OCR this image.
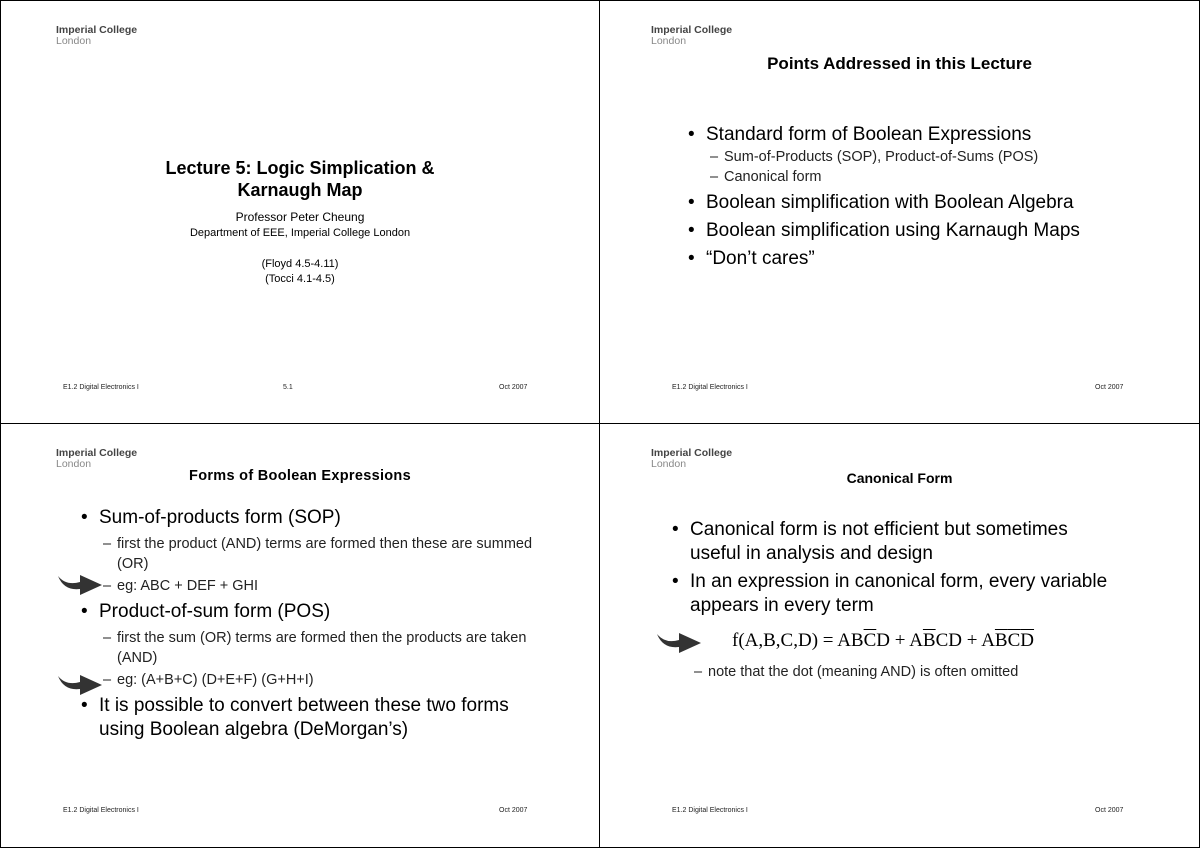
Imperial College
London
Lecture 5: Logic Simplication &
Karnaugh Map
Professor Peter Cheung
Department of EEE, Imperial College London
(Floyd 4.5-4.11)
(Tocci 4.1-4.5)
E1.2 Digital Electronics I	5.1	Oct 2007
Imperial College
London
Points Addressed in this Lecture
• Standard form of Boolean Expressions
– Sum-of-Products (SOP), Product-of-Sums (POS)
– Canonical form
• Boolean simplification with Boolean Algebra
• Boolean simplification using Karnaugh Maps
• “Don’t cares”
E1.2 Digital Electronics I	Oct 2007
Imperial College
London
Forms of Boolean Expressions
• Sum-of-products form (SOP)
– first the product (AND) terms are formed then these are summed (OR)
– eg: ABC + DEF + GHI
• Product-of-sum form (POS)
– first the sum (OR) terms are formed then the products are taken (AND)
– eg: (A+B+C) (D+E+F) (G+H+I)
• It is possible to convert between these two forms using Boolean algebra (DeMorgan’s)
E1.2 Digital Electronics I	Oct 2007
Imperial College
London
Canonical Form
• Canonical form is not efficient but sometimes useful in analysis and design
• In an expression in canonical form, every variable appears in every term
$f(A,B,C,D) = AB\overline{C}D + A\overline{B}CD + A\overline{B}\overline{C}\overline{D}$
– note that the dot (meaning AND) is often omitted
E1.2 Digital Electronics I	Oct 2007
